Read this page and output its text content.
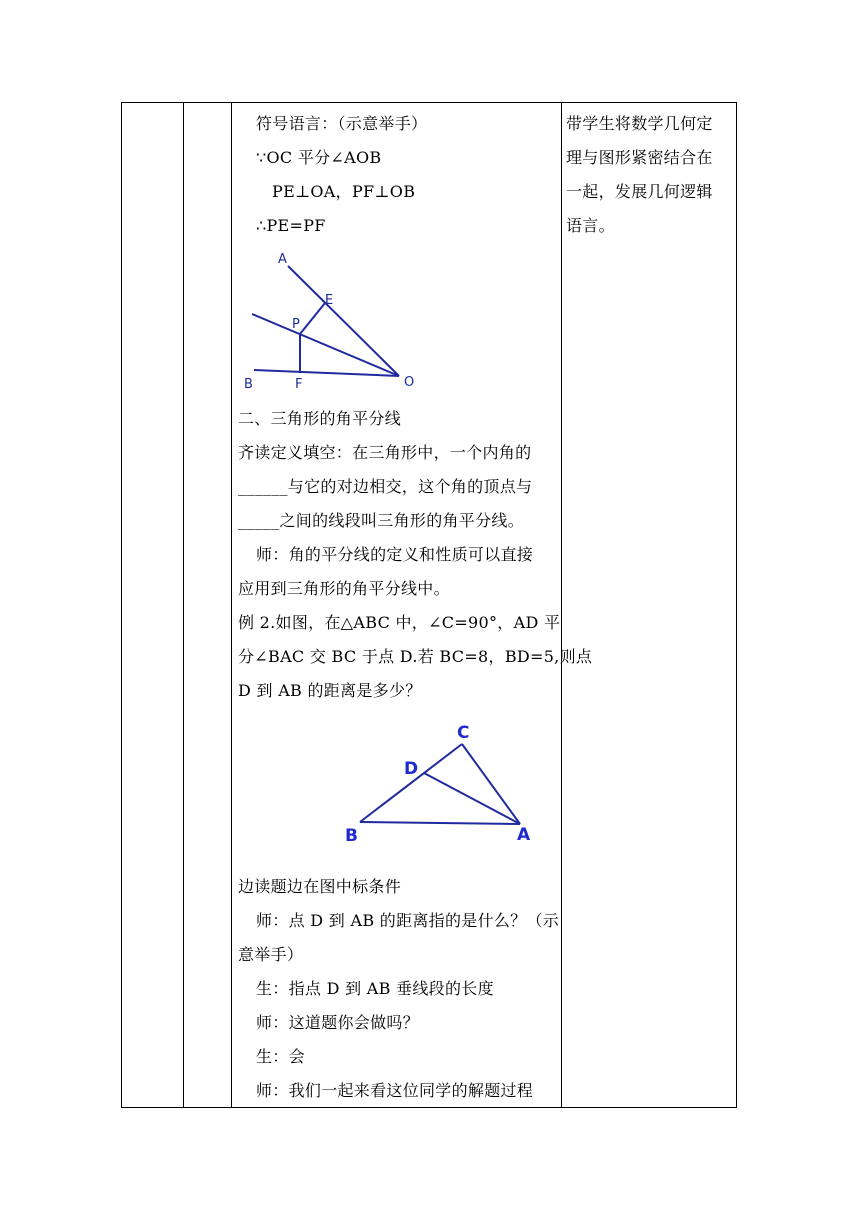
符号语言：（示意举手）
∵OC 平分∠AOB
PE⊥OA，PF⊥OB
∴PE=PF
A
E
P
B	F	O
二、三角形的角平分线
齐读定义填空：在三角形中，一个内角的
______与它的对边相交，这个角的顶点与
_____之间的线段叫三角形的角平分线。
师：角的平分线的定义和性质可以直接
应用到三角形的角平分线中。
例 2.如图，在△ABC 中，∠C=90°，AD 平
分∠BAC 交 BC 于点 D.若 BC=8，BD=5,则点
D 到 AB 的距离是多少？
C
D
B	A
边读题边在图中标条件
师：点 D 到 AB 的距离指的是什么？（示
意举手）
生：指点 D 到 AB 垂线段的长度
师：这道题你会做吗？
生：会
师：我们一起来看这位同学的解题过程
带学生将数学几何定
理与图形紧密结合在
一起，发展几何逻辑
语言。
